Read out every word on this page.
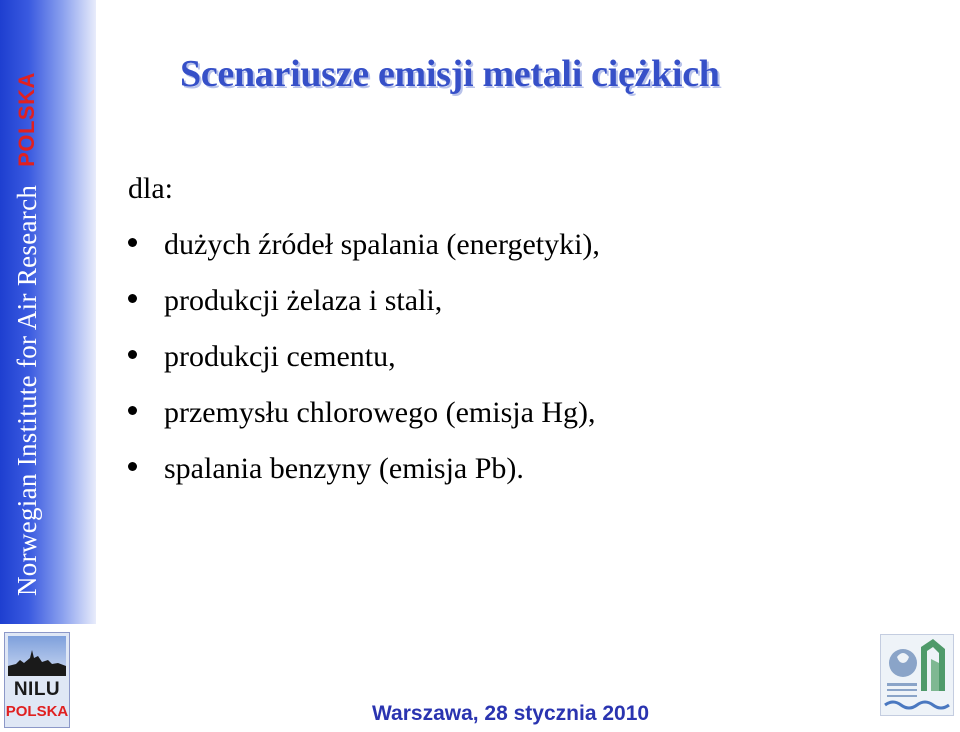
Norwegian Institute for Air Research
POLSKA	Scenariusze emisji metali ciężkich
dla:
dużych źródeł spalania (energetyki),
produkcji żelaza i stali,
produkcji cementu,
przemysłu chlorowego (emisja Hg),
spalania benzyny (emisja Pb).
NILU
POLSKA	Warszawa, 28 stycznia 2010
